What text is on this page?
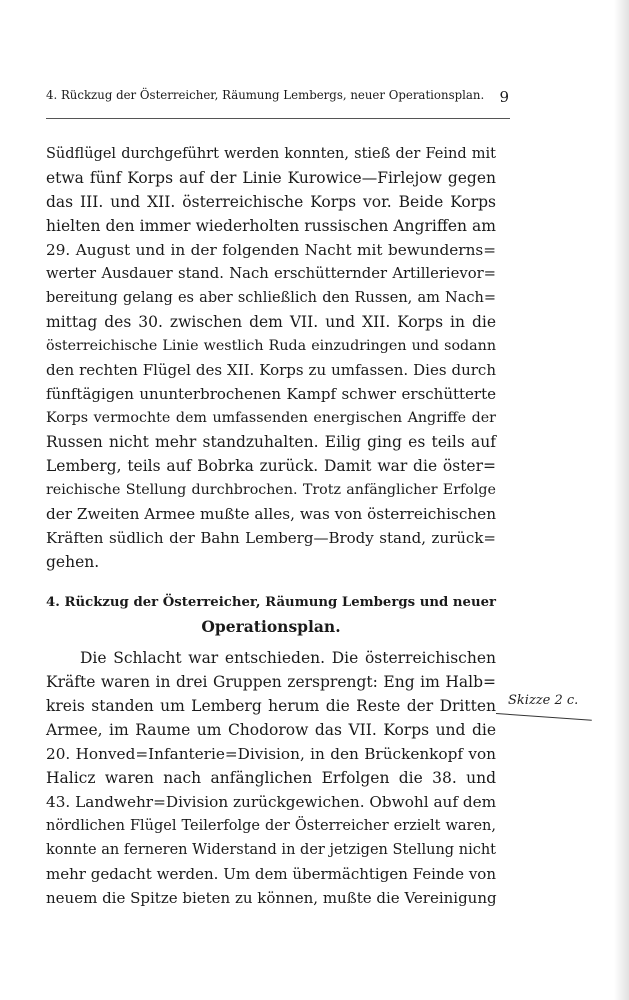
4. Rückzug der Österreicher, Räumung Lembergs, neuer Operationsplan.	9
Südflügel durchgeführt werden konnten, stieß der Feind mit
etwa fünf Korps auf der Linie Kurowice—Firlejow gegen
das III. und XII. österreichische Korps vor. Beide Korps
hielten den immer wiederholten russischen Angriffen am
29. August und in der folgenden Nacht mit bewunderns=
werter Ausdauer stand. Nach erschütternder Artillerievor=
bereitung gelang es aber schließlich den Russen, am Nach=
mittag des 30. zwischen dem VII. und XII. Korps in die
österreichische Linie westlich Ruda einzudringen und sodann
den rechten Flügel des XII. Korps zu umfassen. Dies durch
fünftägigen ununterbrochenen Kampf schwer erschütterte
Korps vermochte dem umfassenden energischen Angriffe der
Russen nicht mehr standzuhalten. Eilig ging es teils auf
Lemberg, teils auf Bobrka zurück. Damit war die öster=
reichische Stellung durchbrochen. Trotz anfänglicher Erfolge
der Zweiten Armee mußte alles, was von österreichischen
Kräften südlich der Bahn Lemberg—Brody stand, zurück=
gehen.
4. Rückzug der Österreicher, Räumung Lembergs und neuer
Operationsplan.
Die Schlacht war entschieden. Die österreichischen
Kräfte waren in drei Gruppen zersprengt: Eng im Halb=
kreis standen um Lemberg herum die Reste der Dritten
Armee, im Raume um Chodorow das VII. Korps und die
20. Honved=Infanterie=Division, in den Brückenkopf von
Halicz waren nach anfänglichen Erfolgen die 38. und
43. Landwehr=Division zurückgewichen. Obwohl auf dem
nördlichen Flügel Teilerfolge der Österreicher erzielt waren,
konnte an ferneren Widerstand in der jetzigen Stellung nicht
mehr gedacht werden. Um dem übermächtigen Feinde von
neuem die Spitze bieten zu können, mußte die Vereinigung
Skizze 2 c.
